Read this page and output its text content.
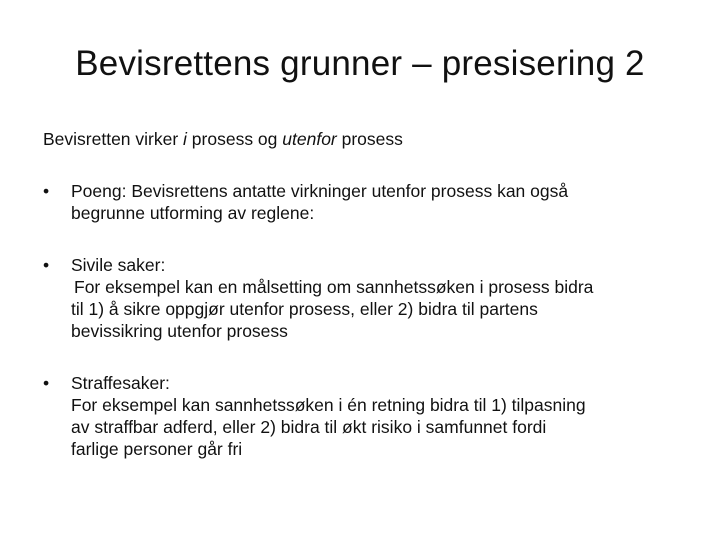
Bevisrettens grunner – presisering 2
Bevisretten virker i prosess og utenfor prosess
•	Poeng: Bevisrettens antatte virkninger utenfor prosess kan også
begrunne utforming av reglene:
•	Sivile saker:
For eksempel kan en målsetting om sannhetssøken i prosess bidra
til 1) å sikre oppgjør utenfor prosess, eller 2) bidra til partens
bevissikring utenfor prosess
•	Straffesaker:
For eksempel kan sannhetssøken i én retning bidra til 1) tilpasning
av straffbar adferd, eller 2) bidra til økt risiko i samfunnet fordi
farlige personer går fri
